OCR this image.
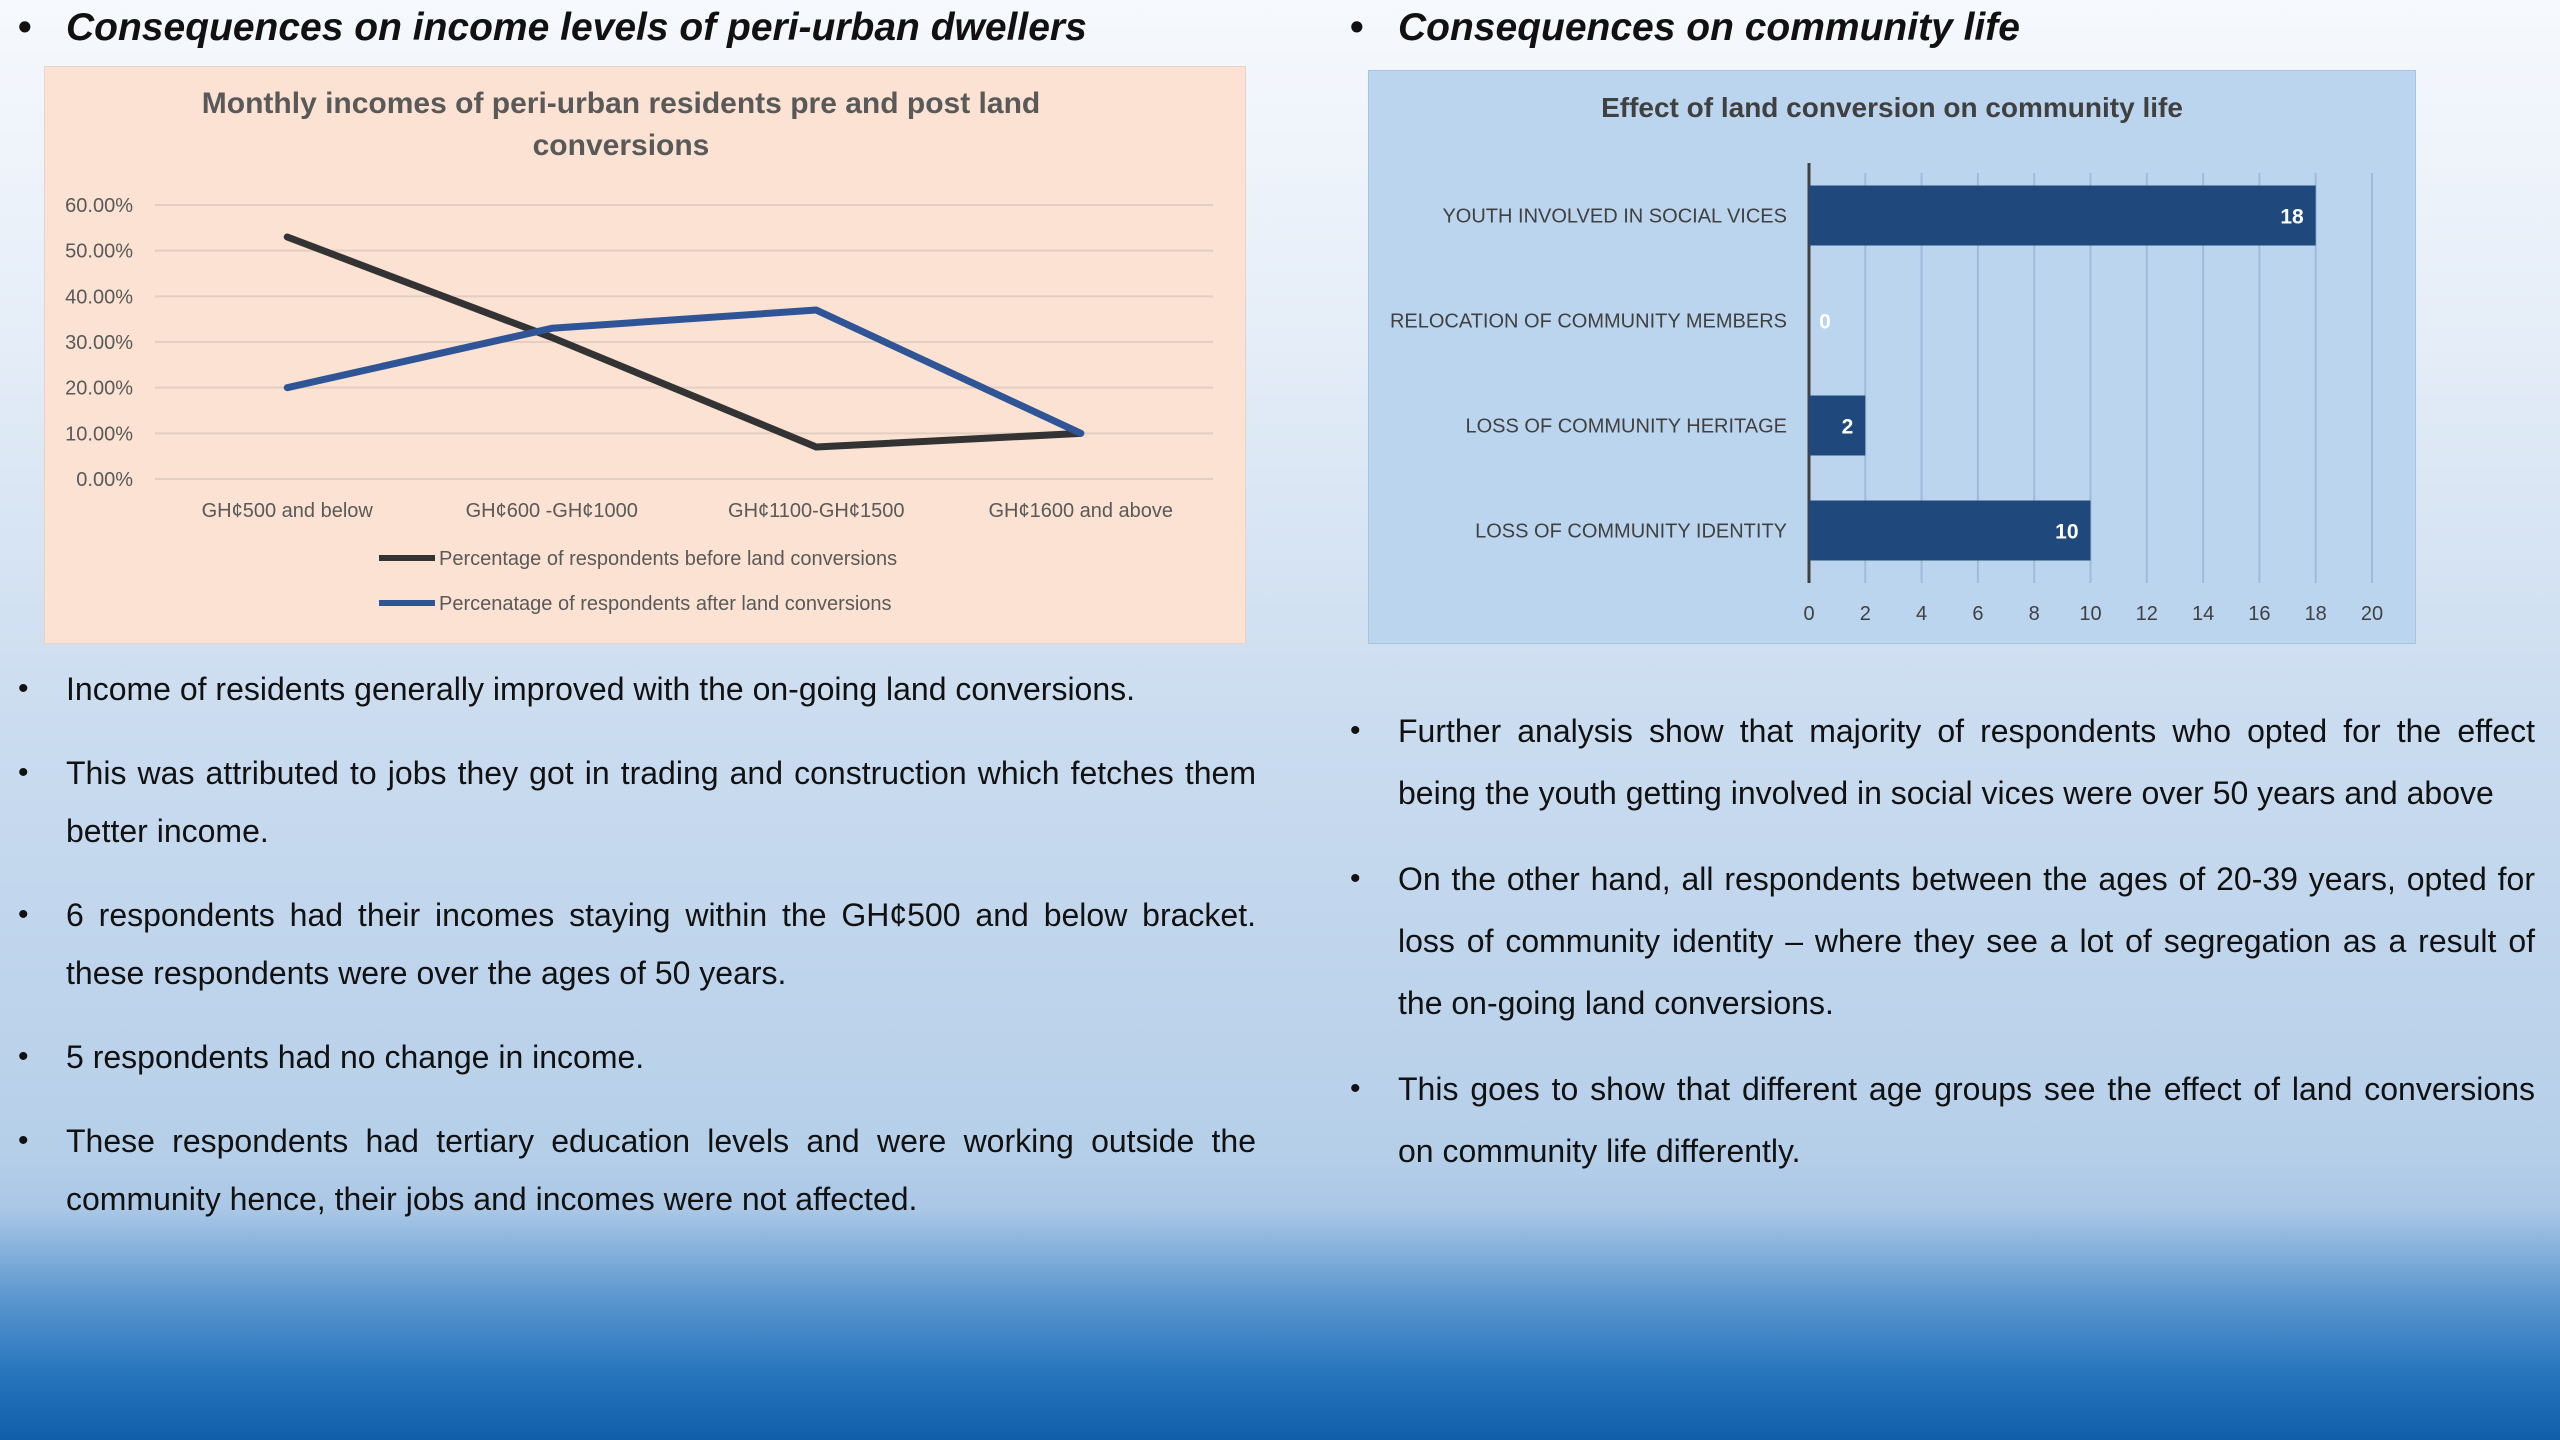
• Consequences on income levels of peri-urban dwellers
Monthly incomes of peri-urban residents pre and post land
conversions
0.00%
10.00%
20.00%
30.00%
40.00%
50.00%
60.00%
GH¢500 and below	GH¢600 -GH¢1000	GH¢1100-GH¢1500	GH¢1600 and above
Percentage of respondents before land conversions
Percenatage of respondents after land conversions
• Income of residents generally improved with the on-going land conversions.
• This was attributed to jobs they got in trading and construction which fetches them better income.
• 6 respondents had their incomes staying within the GH¢500 and below bracket. these respondents were over the ages of 50 years.
• 5 respondents had no change in income.
• These respondents had tertiary education levels and were working outside the community hence, their jobs and incomes were not affected.
• Consequences on community life
Effect of land conversion on community life
0 2 4 6 8 10 12 14 16 18 20
YOUTH INVOLVED IN SOCIAL VICES	18
RELOCATION OF COMMUNITY MEMBERS 0
LOSS OF COMMUNITY HERITAGE	2
LOSS OF COMMUNITY IDENTITY	10
• Further analysis show that majority of respondents who opted for the effect being the youth getting involved in social vices were over 50 years and above
• On the other hand, all respondents between the ages of 20-39 years, opted for loss of community identity – where they see a lot of segregation as a result of the on-going land conversions.
• This goes to show that different age groups see the effect of land conversions on community life differently.
